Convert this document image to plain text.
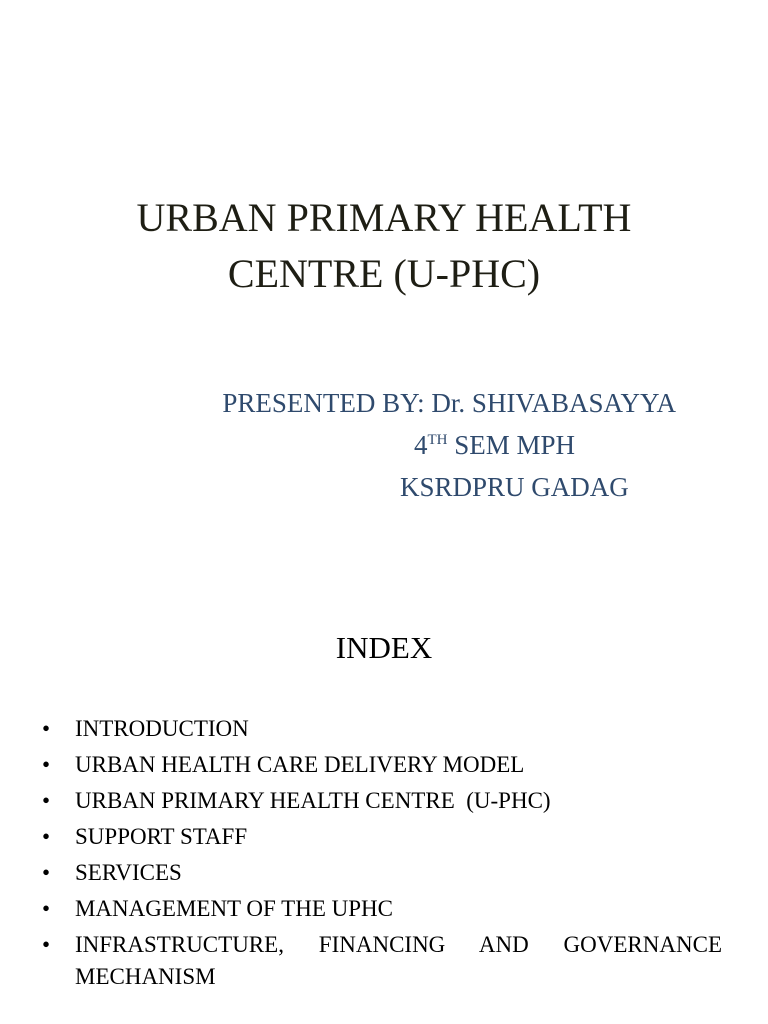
URBAN PRIMARY HEALTH
CENTRE (U-PHC)
PRESENTED BY: Dr. SHIVABASAYYA
4TH SEM MPH
KSRDPRU GADAG
INDEX
• INTRODUCTION
• URBAN HEALTH CARE DELIVERY MODEL
• URBAN PRIMARY HEALTH CENTRE  (U-PHC)
• SUPPORT STAFF
• SERVICES
• MANAGEMENT OF THE UPHC
• INFRASTRUCTURE, FINANCING AND GOVERNANCE
MECHANISM
